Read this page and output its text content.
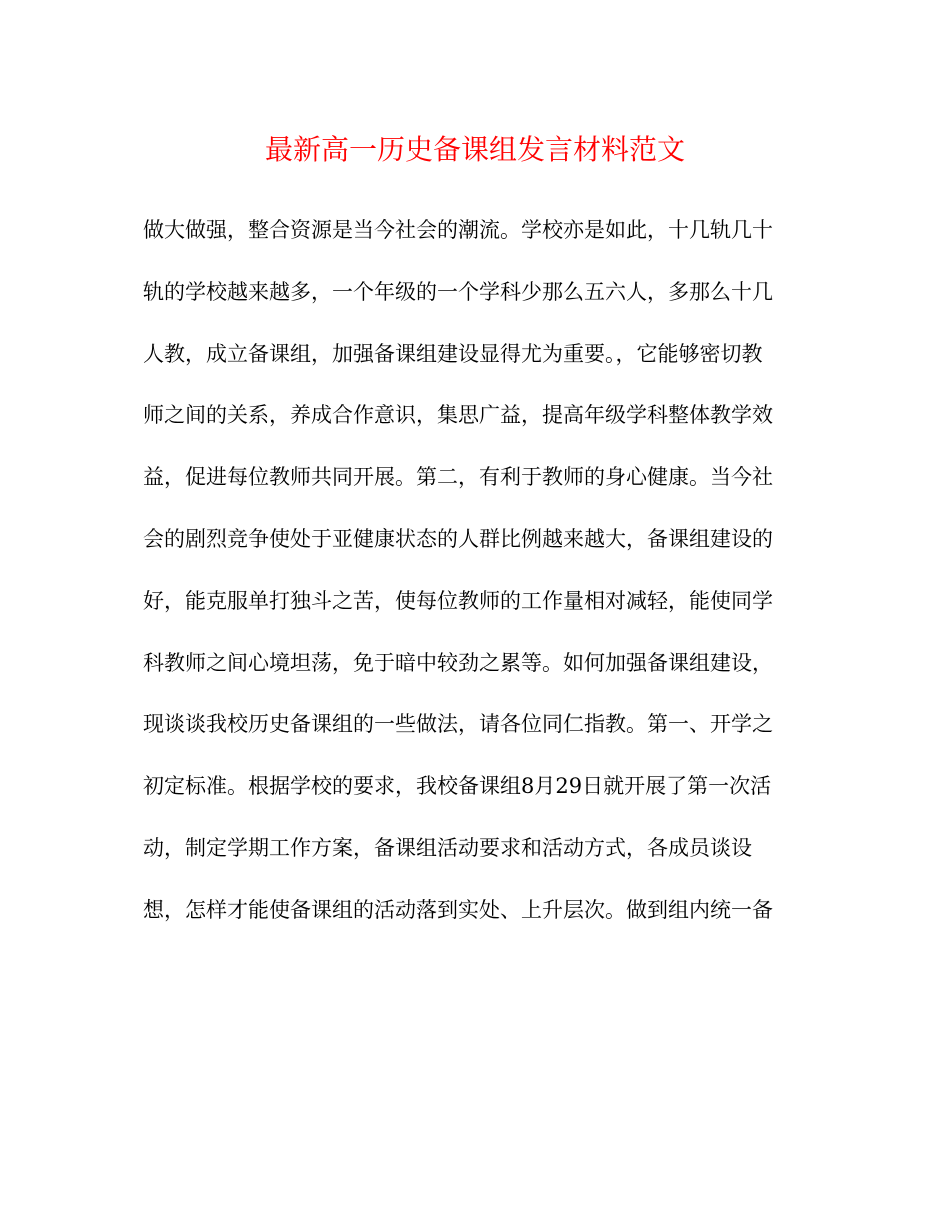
最新高一历史备课组发言材料范文
做大做强，整合资源是当今社会的潮流。学校亦是如此，十几轨几十
轨的学校越来越多，一个年级的一个学科少那么五六人，多那么十几
人教，成立备课组，加强备课组建设显得尤为重要。，它能够密切教
师之间的关系，养成合作意识，集思广益，提高年级学科整体教学效
益，促进每位教师共同开展。第二，有利于教师的身心健康。当今社
会的剧烈竞争使处于亚健康状态的人群比例越来越大，备课组建设的
好，能克服单打独斗之苦，使每位教师的工作量相对减轻，能使同学
科教师之间心境坦荡，免于暗中较劲之累等。如何加强备课组建设，
现谈谈我校历史备课组的一些做法，请各位同仁指教。第一、开学之
初定标准。根据学校的要求，我校备课组8月29日就开展了第一次活
动，制定学期工作方案，备课组活动要求和活动方式，各成员谈设
想，怎样才能使备课组的活动落到实处、上升层次。做到组内统一备
